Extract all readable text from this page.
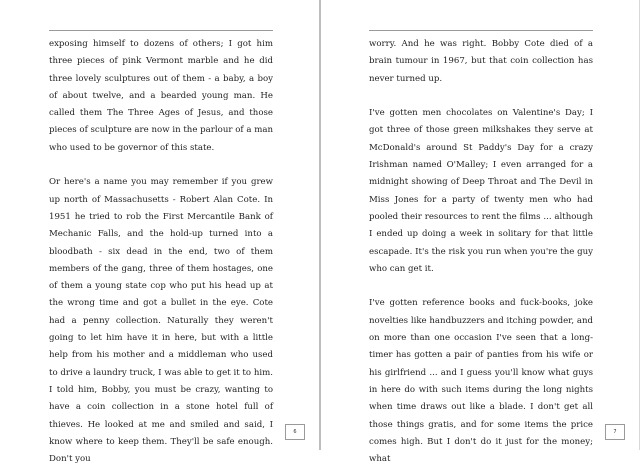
exposing himself to dozens of others; I got him three pieces of pink Vermont marble and he did three lovely sculptures out of them - a baby, a boy of about twelve, and a bearded young man. He called them The Three Ages of Jesus, and those pieces of sculpture are now in the parlour of a man who used to be governor of this state.

Or here's a name you may remember if you grew up north of Massachusetts - Robert Alan Cote. In 1951 he tried to rob the First Mercantile Bank of Mechanic Falls, and the hold-up turned into a bloodbath - six dead in the end, two of them members of the gang, three of them hostages, one of them a young state cop who put his head up at the wrong time and got a bullet in the eye. Cote had a penny collection. Naturally they weren't going to let him have it in here, but with a little help from his mother and a middleman who used to drive a laundry truck, I was able to get it to him. I told him, Bobby, you must be crazy, wanting to have a coin collection in a stone hotel full of thieves. He looked at me and smiled and said, I know where to keep them. They'll be safe enough. Don't you

6

worry. And he was right. Bobby Cote died of a brain tumour in 1967, but that coin collection has never turned up.

I've gotten men chocolates on Valentine's Day; I got three of those green milkshakes they serve at McDonald's around St Paddy's Day for a crazy Irishman named O'Malley; I even arranged for a midnight showing of Deep Throat and The Devil in Miss Jones for a party of twenty men who had pooled their resources to rent the films ... although I ended up doing a week in solitary for that little escapade. It's the risk you run when you're the guy who can get it.

I've gotten reference books and fuck-books, joke novelties like handbuzzers and itching powder, and on more than one occasion I've seen that a long-timer has gotten a pair of panties from his wife or his girlfriend ... and I guess you'll know what guys in here do with such items during the long nights when time draws out like a blade. I don't get all those things gratis, and for some items the price comes high. But I don't do it just for the money; what

7
